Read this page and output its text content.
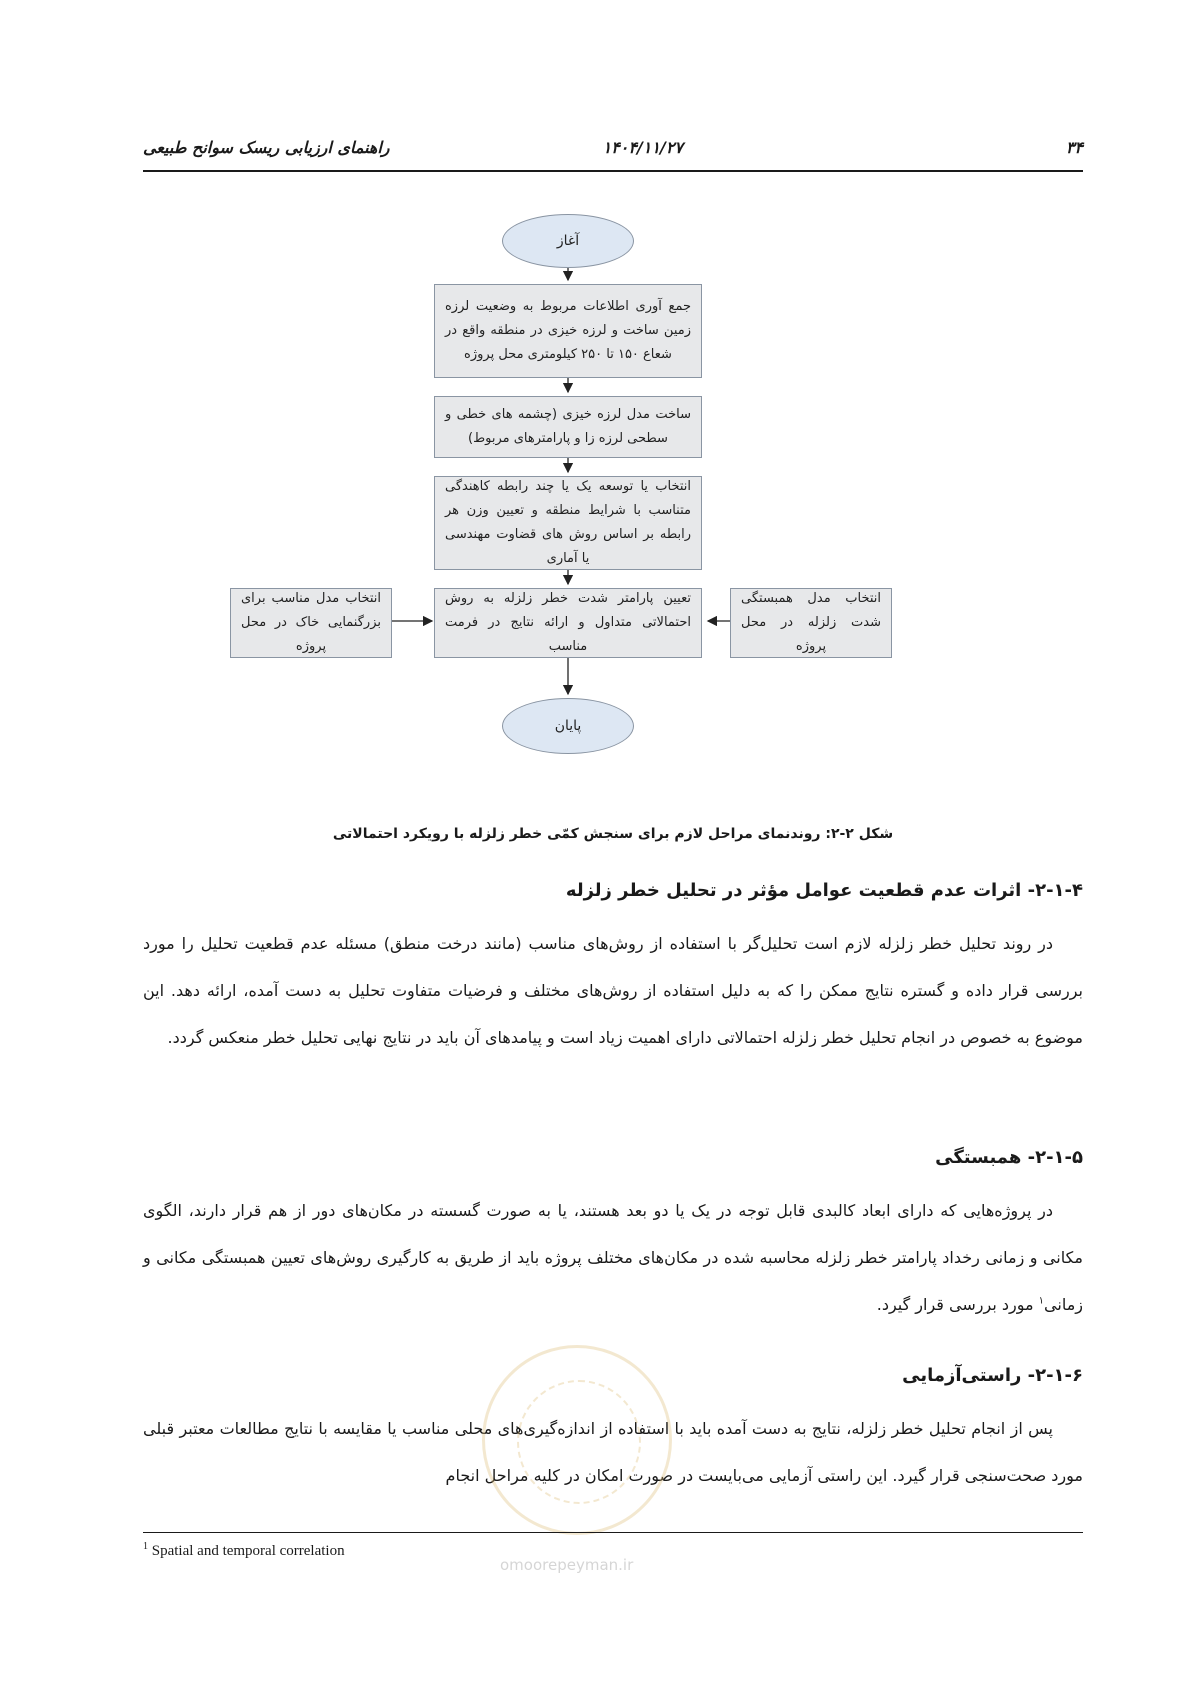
۳۴
۱۴۰۴/۱۱/۲۷
راهنمای ارزیابی ریسک سوانح طبیعی
آغاز
جمع آوری اطلاعات مربوط به وضعیت لرزه زمین ساخت و لرزه خیزی در منطقه واقع در شعاع ۱۵۰ تا ۲۵۰ کیلومتری محل پروژه
ساخت مدل لرزه خیزی (چشمه های خطی و سطحی لرزه زا و پارامترهای مربوط)
انتخاب یا توسعه یک یا چند رابطه کاهندگی متناسب با شرایط منطقه و تعیین وزن هر رابطه بر اساس روش های قضاوت مهندسی یا آماری
تعیین پارامتر شدت خطر زلزله به روش احتمالاتی متداول و ارائه نتایج در فرمت مناسب
انتخاب مدل مناسب برای بزرگنمایی خاک در محل پروژه
انتخاب مدل همبستگی شدت زلزله در محل پروژه
پایان
شکل ۲-۲: روندنمای مراحل لازم برای سنجش کمّی خطر زلزله با رویکرد احتمالاتی
۲-۱-۴- اثرات عدم قطعیت عوامل مؤثر در تحلیل خطر زلزله

در روند تحلیل خطر زلزله لازم است تحلیل‌گر با استفاده از روش‌های مناسب (مانند درخت منطق) مسئله عدم قطعیت تحلیل را مورد بررسی قرار داده و گستره نتایج ممکن را که به دلیل استفاده از روش‌های مختلف و فرضیات متفاوت تحلیل به دست آمده، ارائه دهد. این موضوع به خصوص در انجام تحلیل خطر زلزله احتمالاتی دارای اهمیت زیاد است و پیامدهای آن باید در نتایج نهایی تحلیل خطر منعکس گردد.

۲-۱-۵- همبستگی

در پروژه‌هایی که دارای ابعاد کالبدی قابل توجه در یک یا دو بعد هستند، یا به صورت گسسته در مکان‌های دور از هم قرار دارند، الگوی مکانی و زمانی رخداد پارامتر خطر زلزله محاسبه شده در مکان‌های مختلف پروژه باید از طریق به کارگیری روش‌های تعیین همبستگی مکانی و زمانی$^۱$ مورد بررسی قرار گیرد.

۲-۱-۶- راستی‌آزمایی

پس از انجام تحلیل خطر زلزله، نتایج به دست آمده باید با استفاده از اندازه‌گیری‌های محلی مناسب یا مقایسه با نتایج مطالعات معتبر قبلی مورد صحت‌سنجی قرار گیرد. این راستی آزمایی می‌بایست در صورت امکان در کلیه مراحل انجام

omoorepeyman.ir
$^1$ Spatial and temporal correlation
